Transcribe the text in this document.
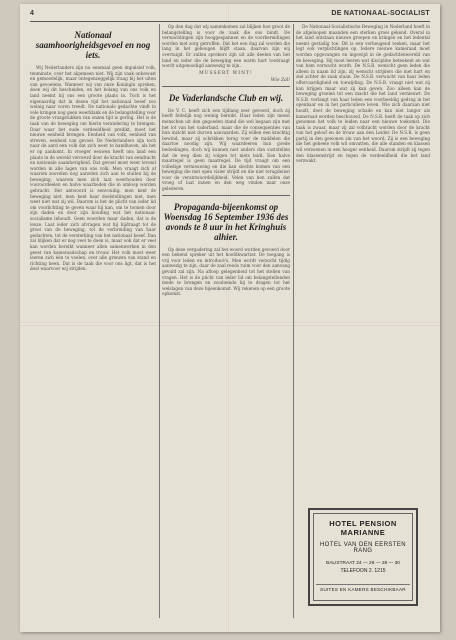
4	DE NATIONAAL-SOCIALIST
Nationaal saamhoorigheidsgevoel en nog iets.

Wij Nederlanders zijn nu eenmaal geen impulsief volk, tenminste, over het algemeen niet. Wij zijn vaak onbewust en gemoedelijk, maar ontegenzeggelijk traag bij het uiten van gevoelens. Wanneer wij van onze Koningin spreken, doen wij dit bescheiden, en het belang van ons volk en land neemt bij ons een groote plaats in. Toch is het eigenaardig dat in dezen tijd het nationaal besef zoo weinig naar voren treedt. De nationale gedachte vindt in vele kringen nog geen weerklank en de belangstelling voor de groote vraagstukken van onzen tijd is gering. Het is de taak van de beweging om hierin verandering te brengen. Daar waar het oude verdeeldheid predikt, moet het nieuwe eenheid brengen. Eenheid van volk, eenheid van streven, eenheid van gevoel. De Nederlanders zijn toch naar de aard een volk dat zich weet te handhaven, als het er op aankomt. In vroeger eeuwen heeft ons land een plaats in de wereld veroverd door de kracht van eendracht en nationale saamhorigheid. Dat gevoel moet weer levend worden in alle lagen van ons volk. Men vraagt zich af waarom zoovelen nog aarzelen zich aan te sluiten bij de beweging, waarom men zich laat weerhouden door vooroordeelen en halve waarheden die in omloop worden gebracht. Het antwoord is eenvoudig: men kent de beweging niet, men kent haar doelstellingen niet, men weet niet wat zij wil. Daarom is het de plicht van ieder lid om voorlichting te geven waar hij kan, om te toonen door zijn daden en door zijn houding wat het nationaal-socialisme inhoudt. Geen woorden maar daden, dat is de leuze. Laat ieder zich afvragen wat hij bijdraagt tot de groei van de beweging, tot de verbreiding van haar gedachten, tot de versterking van het nationaal besef. Dan zal blijken dat er nog veel te doen is, maar ook dat er veel kan worden bereikt wanneer allen samenwerken in den geest van kameraadschap en trouw. Het volk moet weer leeren zich één te voelen, over alle grenzen van stand en richting heen. Dat is de taak die voor ons ligt, dat is het doel waarvoor wij strijden.

Op den dag dat wij samenkomen zal blijken hoe groot de belangstelling is voor de zaak die ons bindt. De verwachtingen zijn hooggespannen en de voorbereidingen worden met zorg getroffen. Dat het een dag zal worden die lang in het geheugen blijft staan, daarvan zijn wij overtuigd. Er zullen sprekers zijn uit alle deelen van het land en ieder die de beweging een warm hart toedraagt wordt uitgenoodigd aanwezig te zijn.

MUSSERT WINT!
Wie Zal!
De Vaderlandsche Club en wij.

De V. C. heeft zich een tijdlang zeer geroerd, doch zij heeft feitelijk nog weinig bereikt. Haar leden zijn meest menschen uit den gegoeden stand die wel begaan zijn met het lot van het vaderland, maar die de consequenties van hun inzicht niet durven aanvaarden. Zij willen een krachtig bewind, maar zij schrikken terug voor de middelen die daartoe noodig zijn. Wij waardeeren hun goede bedoelingen, doch wij kunnen niet anders dan vaststellen dat de weg dien zij volgen tot niets leidt. Een halve maatregel is geen maatregel. De tijd vraagt om een volledige vernieuwing en die kan slechts komen van een beweging die met open vizier strijdt en die niet terugdeinst voor de verantwoordelijkheid. Velen van hen zullen dat vroeg of laat inzien en den weg vinden naar onze gelederen.

Propaganda-bijeenkomst op Woensdag 16 September 1936 des avonds te 8 uur in het Kringhuis alhier.

Op deze vergadering zal het woord worden gevoerd door een bekend spreker uit het hoofdkwartier. De toegang is vrij voor leden en introducé's. Men wordt verzocht tijdig aanwezig te zijn, daar de zaal reeds ruim voor den aanvang gevuld zal zijn. Na afloop gelegenheid tot het stellen van vragen. Het is de plicht van ieder lid om belangstellenden mede te brengen en zoodoende bij te dragen tot het welslagen van deze bijeenkomst. Wij rekenen op een groote opkomst.

De Nationaal-Socialistische Beweging in Nederland heeft in de afgeloopen maanden een sterken groei gekend. Overal in het land ontstaan nieuwe groepen en kringen en het ledental neemt gestadig toe. Dit is een verheugend teeken, maar het legt ook verplichtingen op. Iedere nieuwe kameraad moet worden opgevangen en ingewijd in de gedachtenwereld van de beweging. Hij moet leeren wat discipline beteekent en wat van hem verwacht wordt. De N.S.B. wenscht geen leden die alleen in naam lid zijn, zij wenscht strijders die met hart en ziel achter de zaak staan. De N.S.B. verwacht van haar leden offervaardigheid en toewijding. De N.S.B. vraagt niet wat zij kan krijgen maar wat zij kan geven. Zoo alleen kan de beweging groeien tot een macht die het land vernieuwt. De N.S.B. verlangt van haar leden een voorbeeldig gedrag in het openbaar en in het particuliere leven. Wie zich daaraan niet houdt, doet de beweging schade en kan niet langer als kameraad worden beschouwd. De N.S.B. heeft de taak op zich genomen het volk te leiden naar een nieuwe toekomst. Die taak is zwaar, maar zij zal volbracht worden door de kracht van het geloof en de trouw aan den Leider. De N.S.B. is geen partij in den gewonen zin van het woord. Zij is een beweging die het geheele volk wil omvatten, die alle standen en klassen wil verzoenen in een hooger eenheid. Daarom strijdt zij tegen den klassenstrijd en tegen de verdeeldheid die het land verzwakt.

HOTEL PENSION MARIANNE
HOTEL VAN DEN EERSTEN RANG
BALISTRAAT 24 — 26 — 28 — 30
TELEFOON 2. 1215
SUITES EN KAMERS BESCHIKBAAR
